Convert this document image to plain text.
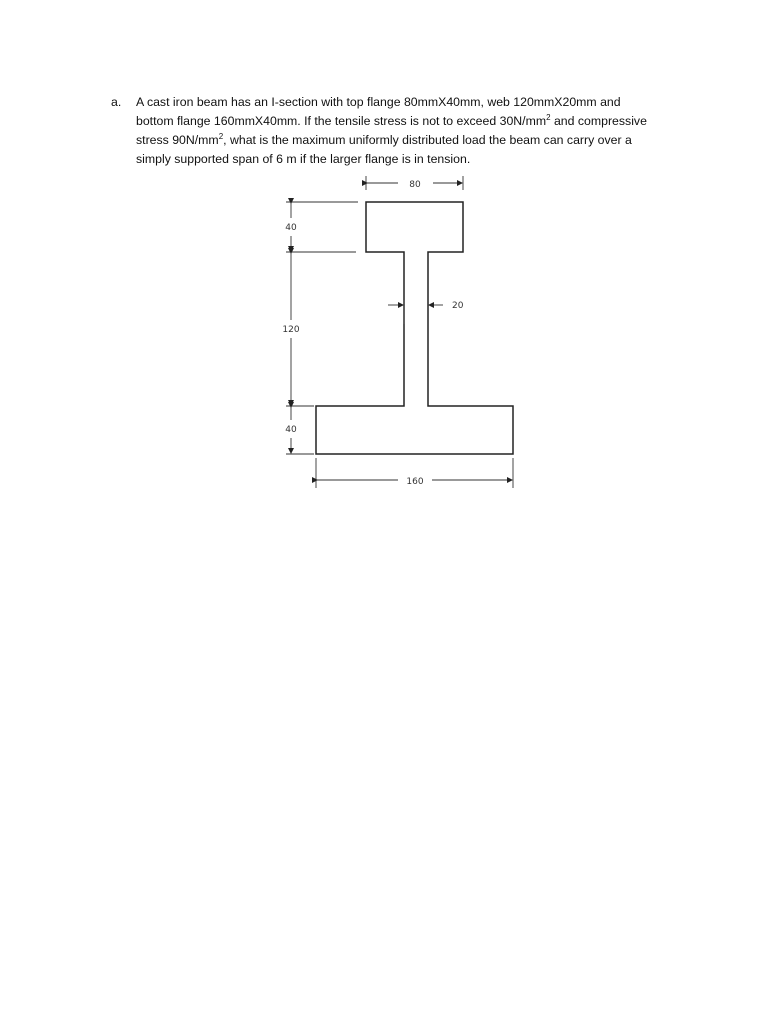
a. A cast iron beam has an I-section with top flange 80mmX40mm, web 120mmX20mm and
bottom flange 160mmX40mm. If the tensile stress is not to exceed $30N/mm^2$ and compressive
stress $90N/mm^2$, what is the maximum uniformly distributed load the beam can carry over a
simply supported span of 6 m if the larger flange is in tension.
80
40
120
40
20
160
